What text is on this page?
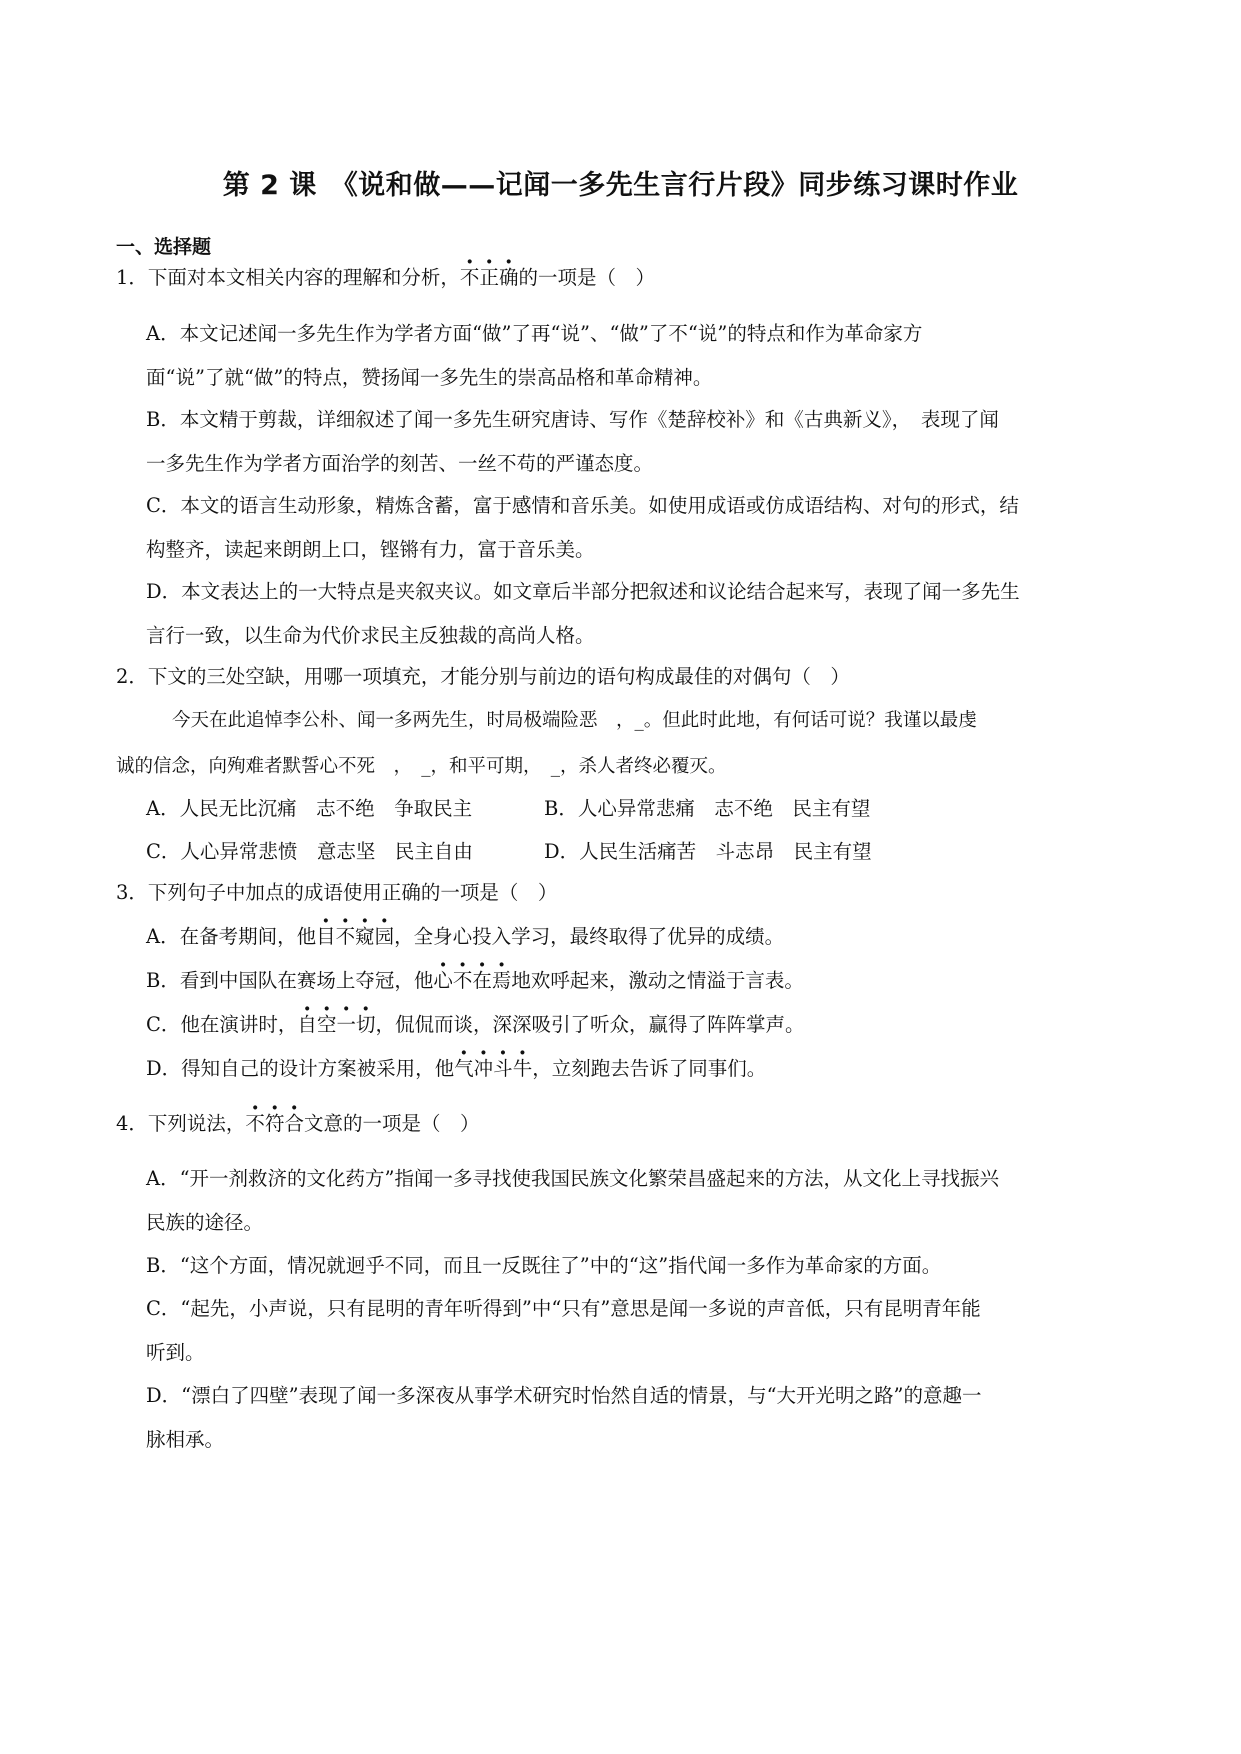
第 2 课　《说和做——记闻一多先生言行片段》同步练习课时作业
一、选择题
1．下面对本文相关内容的理解和分析，不正确的一项是（　）
A．本文记述闻一多先生作为学者方面“做”了再“说”、“做”了不“说”的特点和作为革命家方
面“说”了就“做”的特点，赞扬闻一多先生的崇高品格和革命精神。
B．本文精于剪裁，详细叙述了闻一多先生研究唐诗、写作《楚辞校补》和《古典新义》，　表现了闻
一多先生作为学者方面治学的刻苦、一丝不苟的严谨态度。
C．本文的语言生动形象，精炼含蓄，富于感情和音乐美。如使用成语或仿成语结构、对句的形式，结
构整齐，读起来朗朗上口，铿锵有力，富于音乐美。
D．本文表达上的一大特点是夹叙夹议。如文章后半部分把叙述和议论结合起来写，表现了闻一多先生
言行一致，以生命为代价求民主反独裁的高尚人格。
2．下文的三处空缺，用哪一项填充，才能分别与前边的语句构成最佳的对偶句（　）
今天在此追悼李公朴、闻一多两先生，时局极端险恶　，_。但此时此地，有何话可说？我谨以最虔
诚的信念，向殉难者默誓心不死　，　_，和平可期，　_，杀人者终必覆灭。
A．人民无比沉痛　志不绝　争取民主	B．人心异常悲痛　志不绝　民主有望
C．人心异常悲愤　意志坚　民主自由	D．人民生活痛苦　斗志昂　民主有望
3．下列句子中加点的成语使用正确的一项是（　）
A．在备考期间，他目不窥园，全身心投入学习，最终取得了优异的成绩。
B．看到中国队在赛场上夺冠，他心不在焉地欢呼起来，激动之情溢于言表。
C．他在演讲时，自空一切，侃侃而谈，深深吸引了听众，赢得了阵阵掌声。
D．得知自己的设计方案被采用，他气冲斗牛，立刻跑去告诉了同事们。
4．下列说法，不符合文意的一项是（　）
A．“开一剂救济的文化药方”指闻一多寻找使我国民族文化繁荣昌盛起来的方法，从文化上寻找振兴
民族的途径。
B．“这个方面，情况就迥乎不同，而且一反既往了”中的“这”指代闻一多作为革命家的方面。
C．“起先，小声说，只有昆明的青年听得到”中“只有”意思是闻一多说的声音低，只有昆明青年能
听到。
D．“漂白了四壁”表现了闻一多深夜从事学术研究时怡然自适的情景，与“大开光明之路”的意趣一
脉相承。
